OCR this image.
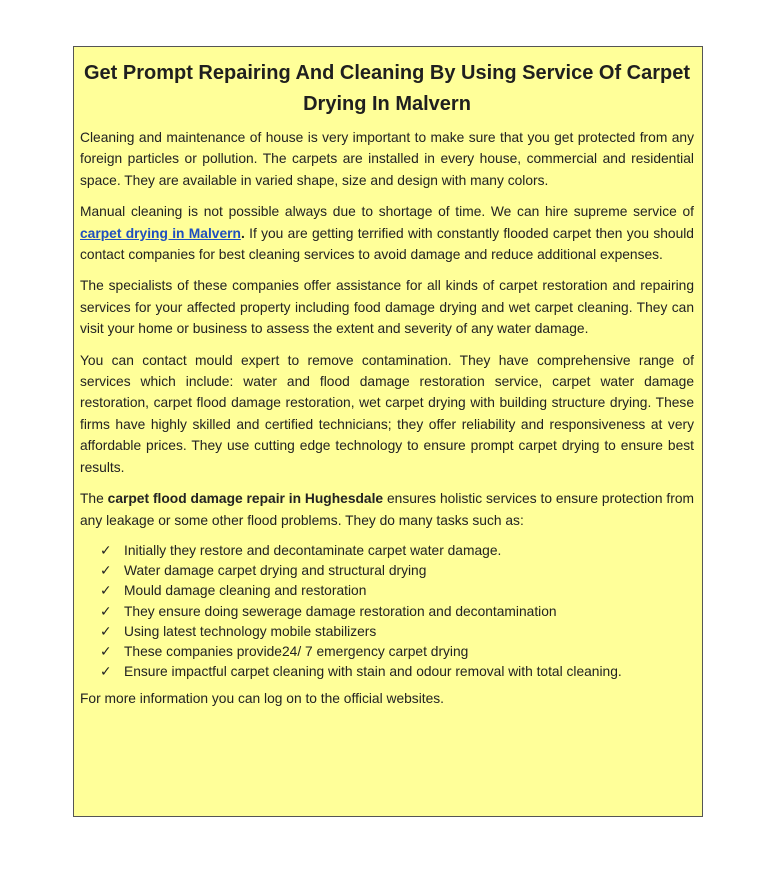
Get Prompt Repairing And Cleaning By Using Service Of Carpet Drying In Malvern

Cleaning and maintenance of house is very important to make sure that you get protected from any foreign particles or pollution. The carpets are installed in every house, commercial and residential space. They are available in varied shape, size and design with many colors.

Manual cleaning is not possible always due to shortage of time. We can hire supreme service of carpet drying in Malvern. If you are getting terrified with constantly flooded carpet then you should contact companies for best cleaning services to avoid damage and reduce additional expenses.

The specialists of these companies offer assistance for all kinds of carpet restoration and repairing services for your affected property including food damage drying and wet carpet cleaning. They can visit your home or business to assess the extent and severity of any water damage.

You can contact mould expert to remove contamination. They have comprehensive range of services which include: water and flood damage restoration service, carpet water damage restoration, carpet flood damage restoration, wet carpet drying with building structure drying. These firms have highly skilled and certified technicians; they offer reliability and responsiveness at very affordable prices. They use cutting edge technology to ensure prompt carpet drying to ensure best results.

The carpet flood damage repair in Hughesdale ensures holistic services to ensure protection from any leakage or some other flood problems. They do many tasks such as:

✓ Initially they restore and decontaminate carpet water damage.
✓ Water damage carpet drying and structural drying
✓ Mould damage cleaning and restoration
✓ They ensure doing sewerage damage restoration and decontamination
✓ Using latest technology mobile stabilizers
✓ These companies provide24/ 7 emergency carpet drying
✓ Ensure impactful carpet cleaning with stain and odour removal with total cleaning.

For more information you can log on to the official websites.
